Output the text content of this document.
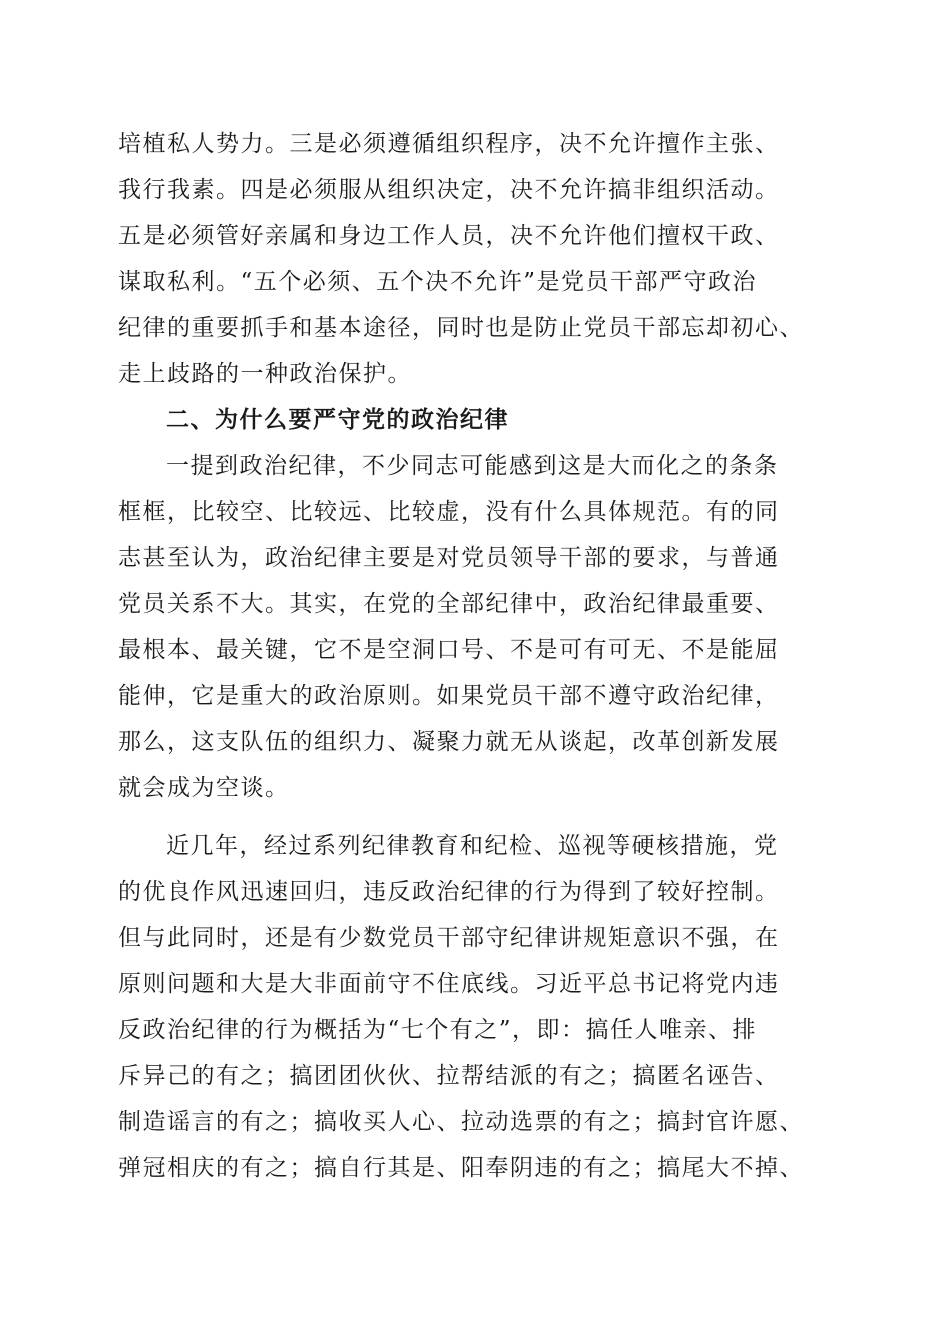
培植私人势力。三是必须遵循组织程序，决不允许擅作主张、
我行我素。四是必须服从组织决定，决不允许搞非组织活动。
五是必须管好亲属和身边工作人员，决不允许他们擅权干政、
谋取私利。“五个必须、五个决不允许”是党员干部严守政治
纪律的重要抓手和基本途径，同时也是防止党员干部忘却初心、
走上歧路的一种政治保护。
二、为什么要严守党的政治纪律
一提到政治纪律，不少同志可能感到这是大而化之的条条
框框，比较空、比较远、比较虚，没有什么具体规范。有的同
志甚至认为，政治纪律主要是对党员领导干部的要求，与普通
党员关系不大。其实，在党的全部纪律中，政治纪律最重要、
最根本、最关键，它不是空洞口号、不是可有可无、不是能屈
能伸，它是重大的政治原则。如果党员干部不遵守政治纪律，
那么，这支队伍的组织力、凝聚力就无从谈起，改革创新发展
就会成为空谈。
近几年，经过系列纪律教育和纪检、巡视等硬核措施，党
的优良作风迅速回归，违反政治纪律的行为得到了较好控制。
但与此同时，还是有少数党员干部守纪律讲规矩意识不强，在
原则问题和大是大非面前守不住底线。习近平总书记将党内违
反政治纪律的行为概括为“七个有之”，即：搞任人唯亲、排
斥异己的有之；搞团团伙伙、拉帮结派的有之；搞匿名诬告、
制造谣言的有之；搞收买人心、拉动选票的有之；搞封官许愿、
弹冠相庆的有之；搞自行其是、阳奉阴违的有之；搞尾大不掉、
